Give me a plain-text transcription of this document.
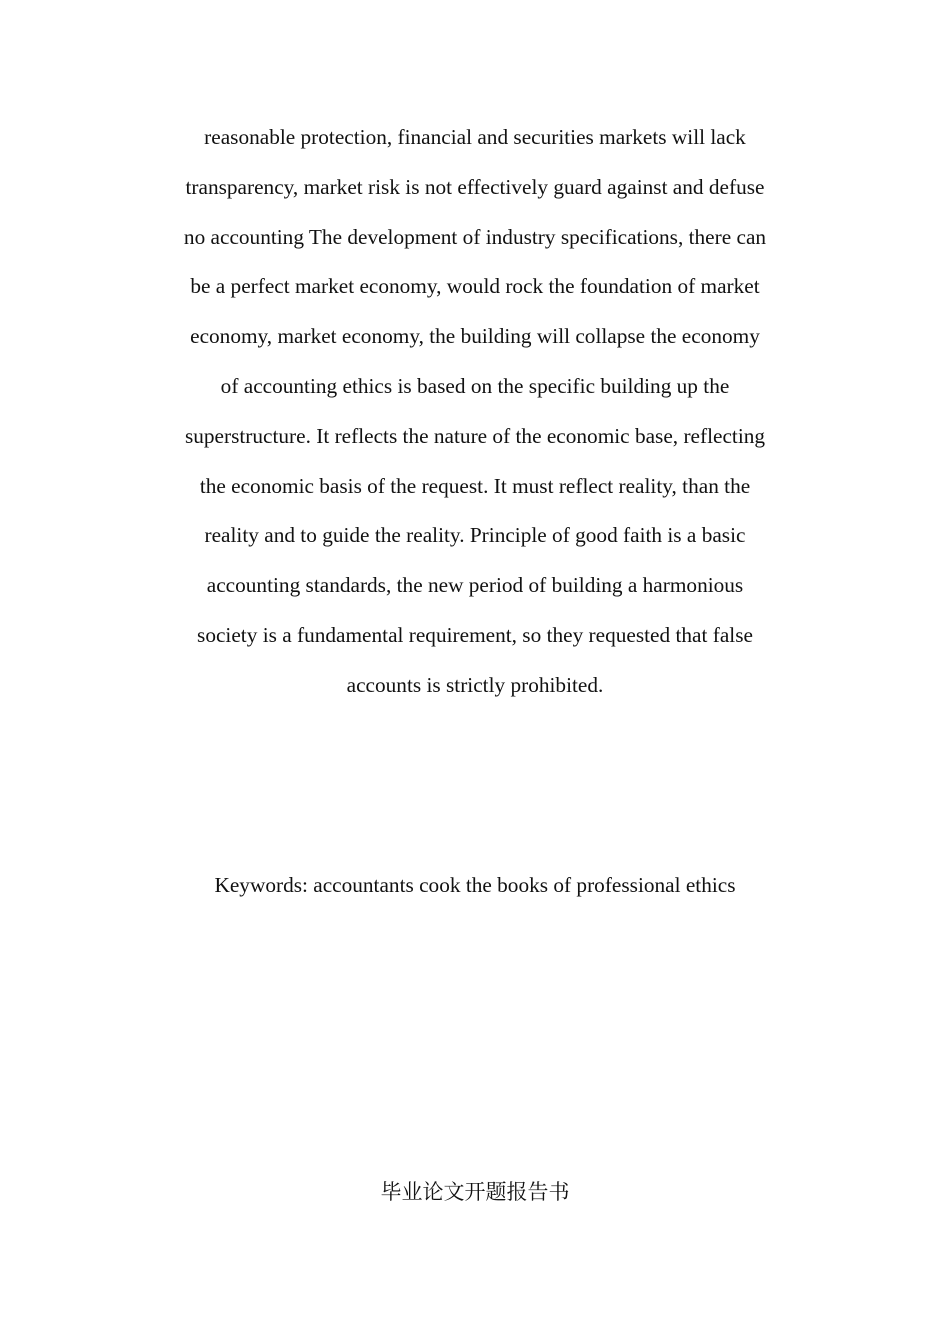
reasonable protection, financial and securities markets will lack
transparency, market risk is not effectively guard against and defuse
no accounting The development of industry specifications, there can
be a perfect market economy, would rock the foundation of market
economy, market economy, the building will collapse the economy
of accounting ethics is based on the specific building up the
superstructure. It reflects the nature of the economic base, reflecting
the economic basis of the request. It must reflect reality, than the
reality and to guide the reality. Principle of good faith is a basic
accounting standards, the new period of building a harmonious
society is a fundamental requirement, so they requested that false
accounts is strictly prohibited.
Keywords: accountants cook the books of professional ethics
毕业论文开题报告书
